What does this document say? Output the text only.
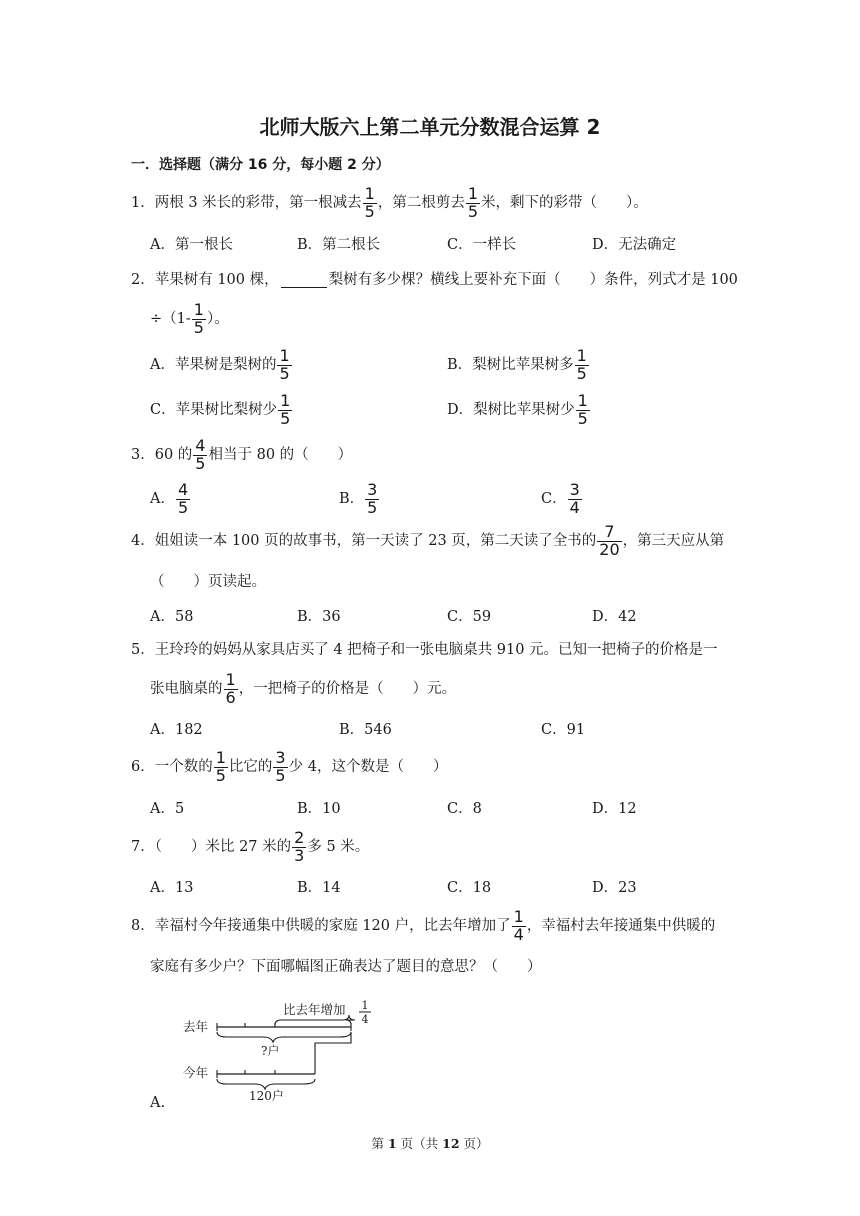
北师大版六上第二单元分数混合运算 2
一．选择题（满分 16 分，每小题 2 分）
1．两根 3 米长的彩带，第一根减去 $\frac{1}{5}$ ，第二根剪去 $\frac{1}{5}$ 米，剩下的彩带（　　）。
A．第一根长	B．第二根长	C．一样长	D．无法确定
2．苹果树有 100 棵，	梨树有多少棵？横线上要补充下面（　　）条件，列式才是 100
$\div(1- \frac{1}{5}$ ）。
A．苹果树是梨树的 $\frac{1}{5}$	B．梨树比苹果树多 $\frac{1}{5}$
C．苹果树比梨树少 $\frac{1}{5}$	D．梨树比苹果树少 $\frac{1}{5}$
3．60 的 $\frac{4}{5}$ 相当于 80 的（　　）
A． $\frac{4}{5}$	B． $\frac{3}{5}$	C． $\frac{3}{4}$
4．姐姐读一本 100 页的故事书，第一天读了 23 页，第二天读了全书的 $\frac{7}{20}$ ，第三天应从第
（　　）页读起。
A．58	B．36	C．59	D．42
5．王玲玲的妈妈从家具店买了 4 把椅子和一张电脑桌共 910 元。已知一把椅子的价格是一
张电脑桌的 $\frac{1}{6}$ ，一把椅子的价格是（　　）元。
A．182	B．546	C．91
6．一个数的 $\frac{1}{5}$ 比它的 $\frac{3}{5}$ 少 4，这个数是（　　）
A．5	B．10	C．8	D．12
7．（　　）米比 27 米的 $\frac{2}{3}$ 多 5 米。
A．13	B．14	C．18	D．23
8．幸福村今年接通集中供暖的家庭 120 户，比去年增加了 $\frac{1}{4}$ ，幸福村去年接通集中供暖的
家庭有多少户？下面哪幅图正确表达了题目的意思？（　　）
比去年增加 1
4
去年
?户
今年
120户
A.
第 1 页（共 12 页）
